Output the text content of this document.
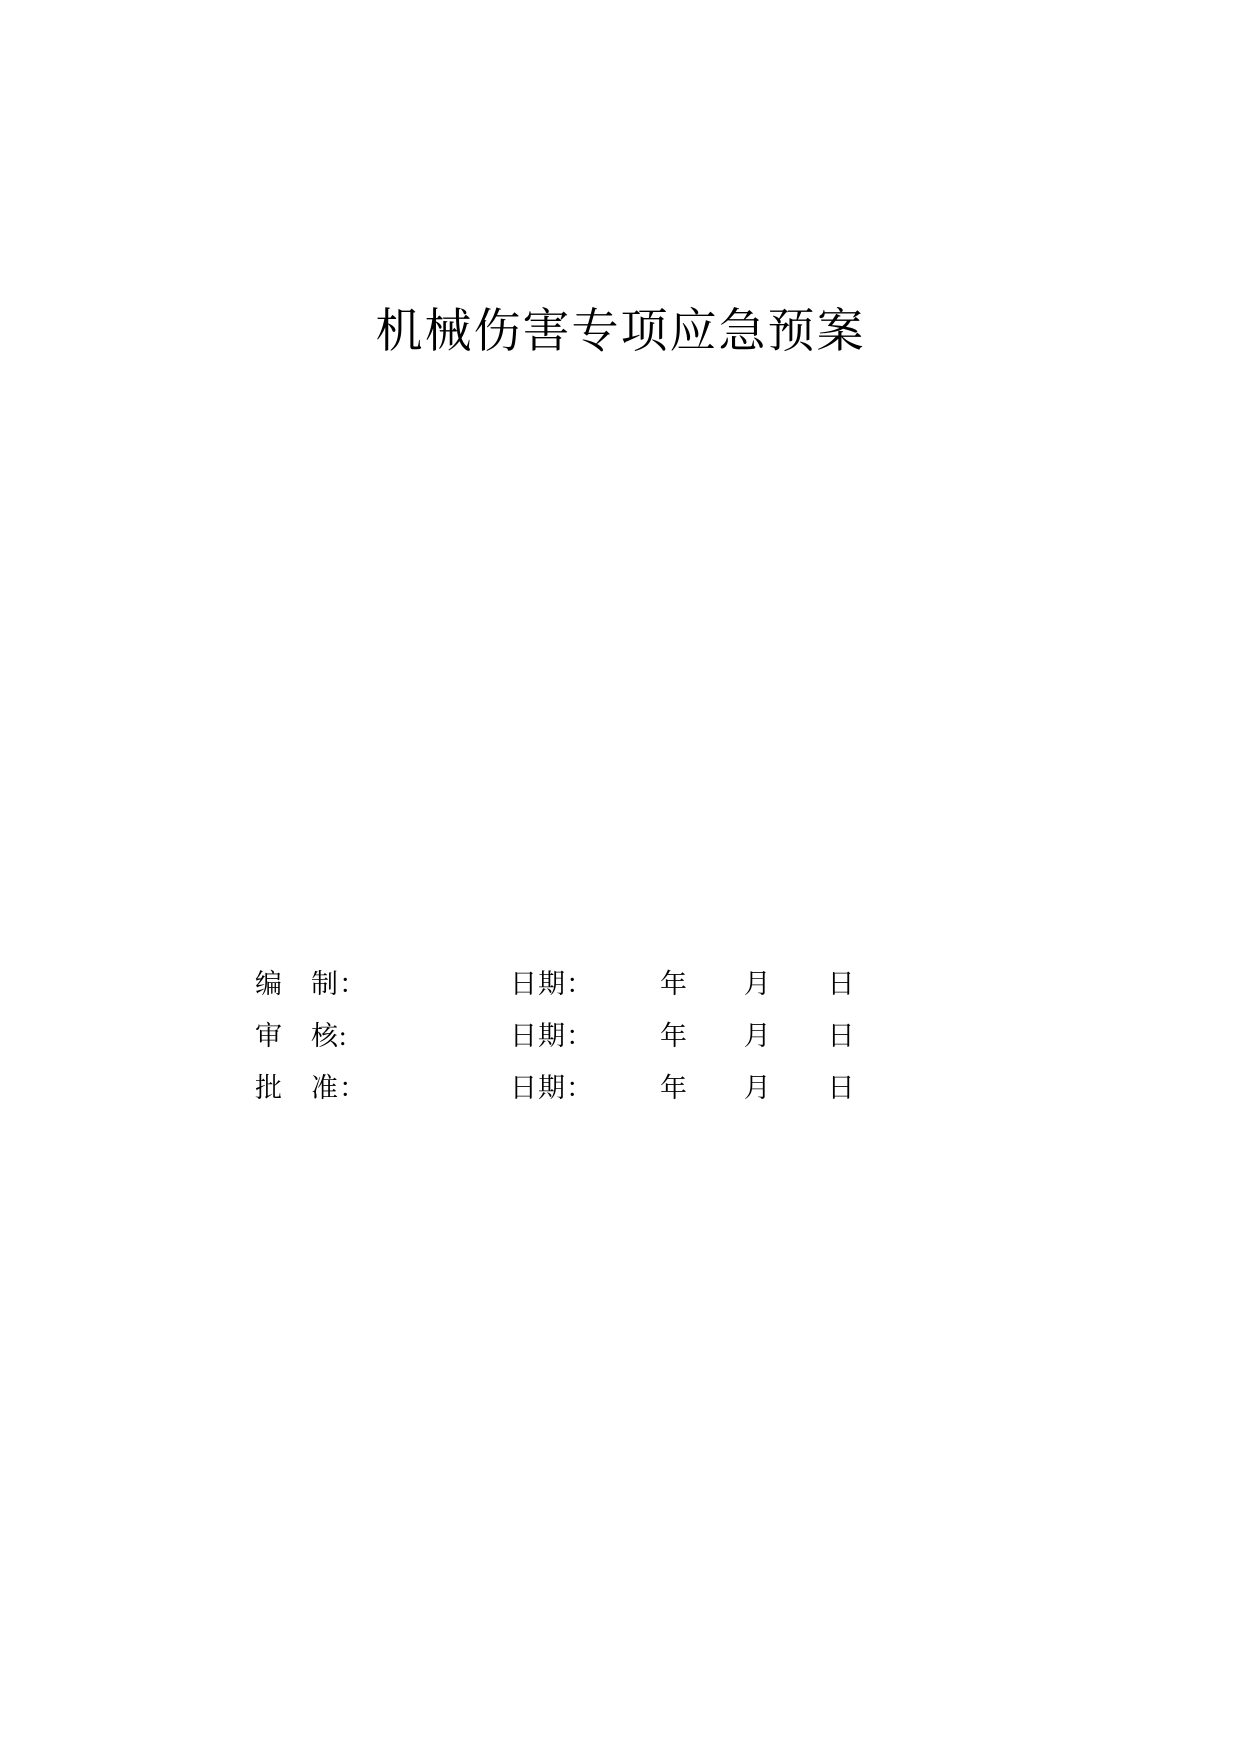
机械伤害专项应急预案
编　制：	日期：	年 月 日
审　核:	日期：	年 月 日
批　准：	日期：	年 月 日
